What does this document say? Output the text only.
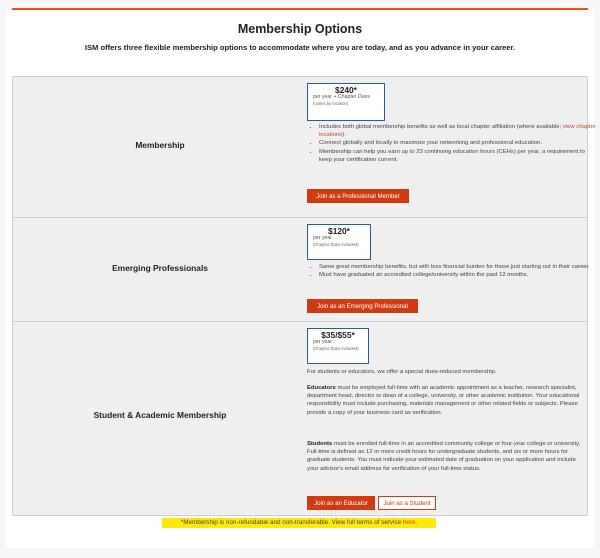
Membership Options
ISM offers three flexible membership options to accommodate where you are today, and as you advance in your career.
Membership
$240*
per year + Chapter Dues
(varies by location)
• Includes both global membership benefits as well as local chapter affiliation (where available; view chapter locations).
• Connect globally and locally to maximize your networking and professional education.
• Membership can help you earn up to 23 continuing education hours (CEHs) per year, a requirement to keep your certification current.
Join as a Professional Member
Emerging Professionals
$120*
per year
(Chapter Dues Included)
• Same great membership benefits, but with less financial burden for those just starting out in their career.
• Must have graduated an accredited college/university within the past 12 months.
Join as an Emerging Professional
Student & Academic Membership
$35/$55*
per year
(Chapter Dues Included)
For students or educators, we offer a special dues-reduced membership.
Educators must be employed full-time with an academic appointment as a teacher, research specialist, department head, director or dean of a college, university, or other academic institution. Your educational responsibility must include purchasing, materials management or other related fields or subjects. Please provide a copy of your business card as verification.
Students must be enrolled full-time in an accredited community college or four-year college or university. Full-time is defined as 12 or more credit hours for undergraduate students, and six or more hours for graduate students. You must indicate your estimated date of graduation on your application and include your advisor's email address for verification of your full-time status.
Join as an Educator	Join as a Student
*Membership is non-refundable and non-transferable. View full terms of service here.
